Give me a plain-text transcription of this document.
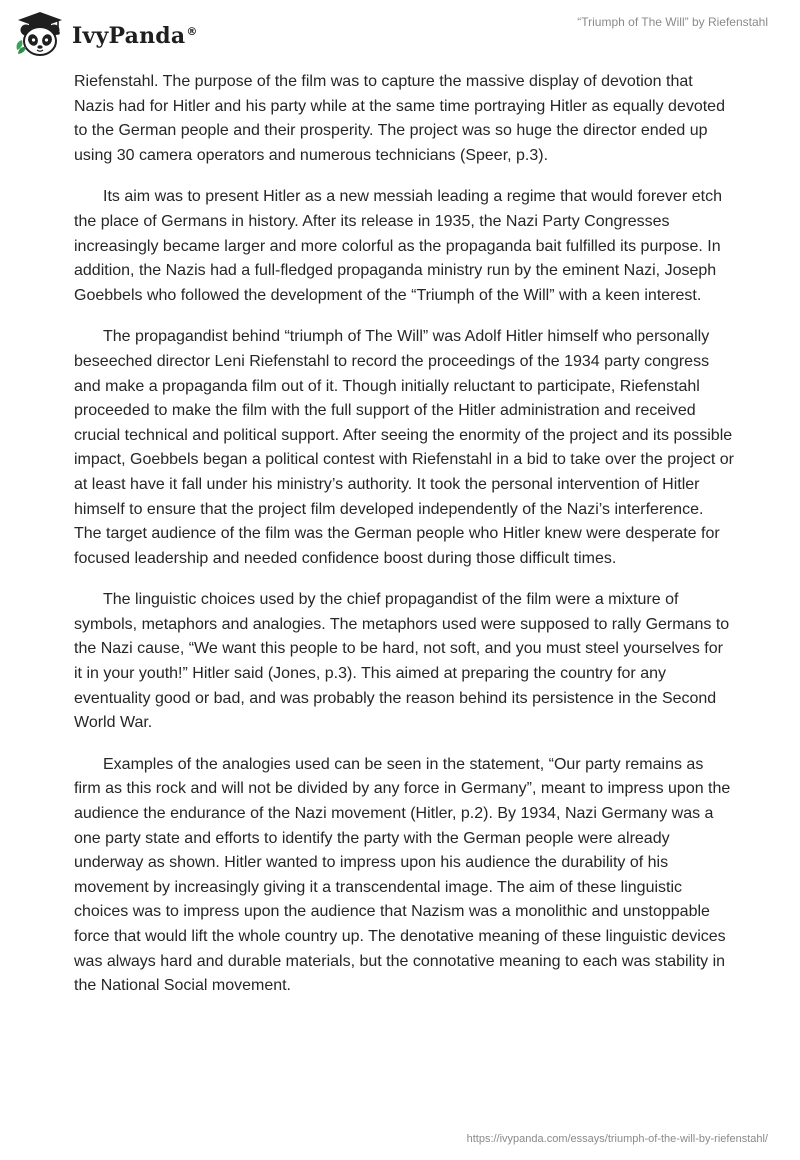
IvyPanda®
“Triumph of The Will” by Riefenstahl

Riefenstahl. The purpose of the film was to capture the massive display of devotion that Nazis had for Hitler and his party while at the same time portraying Hitler as equally devoted to the German people and their prosperity. The project was so huge the director ended up using 30 camera operators and numerous technicians (Speer, p.3).

Its aim was to present Hitler as a new messiah leading a regime that would forever etch the place of Germans in history. After its release in 1935, the Nazi Party Congresses increasingly became larger and more colorful as the propaganda bait fulfilled its purpose. In addition, the Nazis had a full-fledged propaganda ministry run by the eminent Nazi, Joseph Goebbels who followed the development of the “Triumph of the Will” with a keen interest.

The propagandist behind “triumph of The Will” was Adolf Hitler himself who personally beseeched director Leni Riefenstahl to record the proceedings of the 1934 party congress and make a propaganda film out of it. Though initially reluctant to participate, Riefenstahl proceeded to make the film with the full support of the Hitler administration and received crucial technical and political support. After seeing the enormity of the project and its possible impact, Goebbels began a political contest with Riefenstahl in a bid to take over the project or at least have it fall under his ministry’s authority. It took the personal intervention of Hitler himself to ensure that the project film developed independently of the Nazi’s interference. The target audience of the film was the German people who Hitler knew were desperate for focused leadership and needed confidence boost during those difficult times.

The linguistic choices used by the chief propagandist of the film were a mixture of symbols, metaphors and analogies. The metaphors used were supposed to rally Germans to the Nazi cause, “We want this people to be hard, not soft, and you must steel yourselves for it in your youth!” Hitler said (Jones, p.3). This aimed at preparing the country for any eventuality good or bad, and was probably the reason behind its persistence in the Second World War.

Examples of the analogies used can be seen in the statement, “Our party remains as firm as this rock and will not be divided by any force in Germany”, meant to impress upon the audience the endurance of the Nazi movement (Hitler, p.2). By 1934, Nazi Germany was a one party state and efforts to identify the party with the German people were already underway as shown. Hitler wanted to impress upon his audience the durability of his movement by increasingly giving it a transcendental image. The aim of these linguistic choices was to impress upon the audience that Nazism was a monolithic and unstoppable force that would lift the whole country up. The denotative meaning of these linguistic devices was always hard and durable materials, but the connotative meaning to each was stability in the National Social movement.

https://ivypanda.com/essays/triumph-of-the-will-by-riefenstahl/
